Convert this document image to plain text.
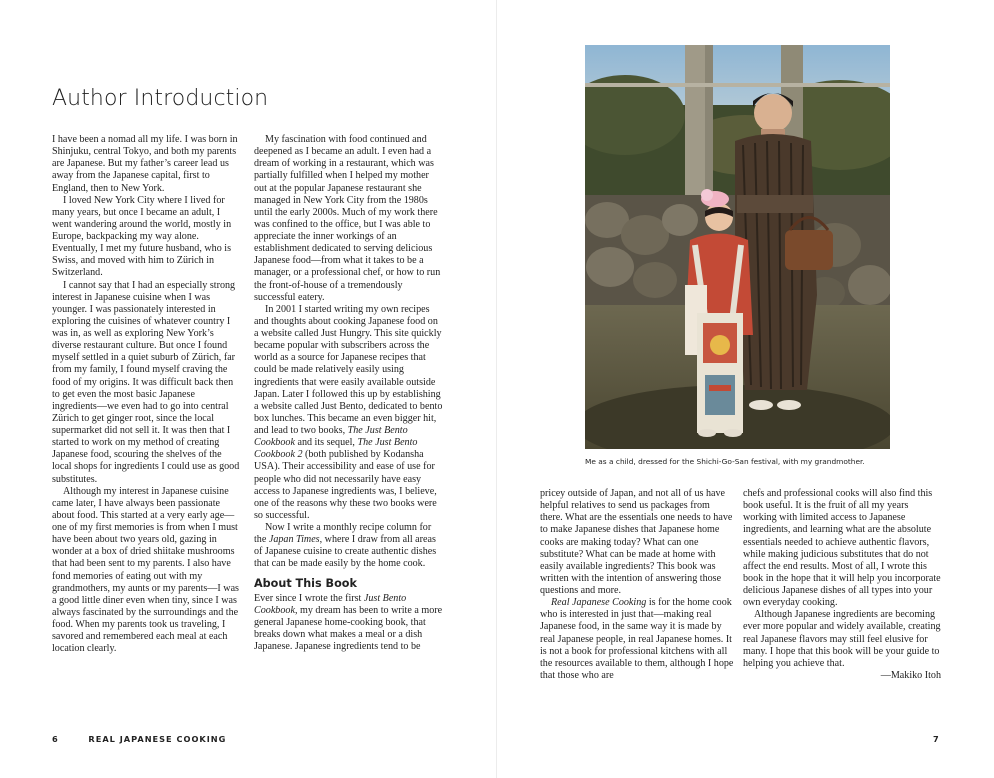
Author Introduction

I have been a nomad all my life. I was born in Shinjuku, central Tokyo, and both my parents are Japanese. But my father’s career lead us away from the Japanese capital, first to England, then to New York.

I loved New York City where I lived for many years, but once I became an adult, I went wandering around the world, mostly in Europe, backpacking my way alone. Eventually, I met my future husband, who is Swiss, and moved with him to Zürich in Switzerland.

I cannot say that I had an especially strong interest in Japanese cuisine when I was younger. I was passionately interested in exploring the cuisines of whatever country I was in, as well as exploring New York’s diverse restaurant culture. But once I found myself settled in a quiet suburb of Zürich, far from my family, I found myself craving the food of my origins. It was difficult back then to get even the most basic Japanese ingredients—we even had to go into central Zürich to get ginger root, since the local supermarket did not sell it. It was then that I started to work on my method of creating Japanese food, scouring the shelves of the local shops for ingredients I could use as good substitutes.

Although my interest in Japanese cuisine came later, I have always been passionate about food. This started at a very early age—one of my first memories is from when I must have been about two years old, gazing in wonder at a box of dried shiitake mushrooms that had been sent to my parents. I also have fond memories of eating out with my grandmothers, my aunts or my parents—I was a good little diner even when tiny, since I was always fascinated by the surroundings and the food. When my parents took us traveling, I savored and remembered each meal at each location clearly.

My fascination with food continued and deepened as I became an adult. I even had a dream of working in a restaurant, which was partially fulfilled when I helped my mother out at the popular Japanese restaurant she managed in New York City from the 1980s until the early 2000s. Much of my work there was confined to the office, but I was able to appreciate the inner workings of an establishment dedicated to serving delicious Japanese food—from what it takes to be a manager, or a professional chef, or how to run the front-of-house of a tremendously successful eatery.

In 2001 I started writing my own recipes and thoughts about cooking Japanese food on a website called Just Hungry. This site quickly became popular with subscribers across the world as a source for Japanese recipes that could be made relatively easily using ingredients that were easily available outside Japan. Later I followed this up by establishing a website called Just Bento, dedicated to bento box lunches. This became an even bigger hit, and lead to two books, The Just Bento Cookbook and its sequel, The Just Bento Cookbook 2 (both published by Kodansha USA). Their accessibility and ease of use for people who did not necessarily have easy access to Japanese ingredients was, I believe, one of the reasons why these two books were so successful.

Now I write a monthly recipe column for the Japan Times, where I draw from all areas of Japanese cuisine to create authentic dishes that can be made easily by the home cook.

About This Book

Ever since I wrote the first Just Bento Cookbook, my dream has been to write a more general Japanese home-cooking book, that breaks down what makes a meal or a dish Japanese. Japanese ingredients tend to be

6	REAL JAPANESE COOKING
Me as a child, dressed for the Shichi-Go-San festival, with my grandmother.

pricey outside of Japan, and not all of us have helpful relatives to send us packages from there. What are the essentials one needs to have to make Japanese dishes that Japanese home cooks are making today? What can one substitute? What can be made at home with easily available ingredients? This book was written with the intention of answering those questions and more.

Real Japanese Cooking is for the home cook who is interested in just that—making real Japanese food, in the same way it is made by real Japanese people, in real Japanese homes. It is not a book for professional kitchens with all the resources available to them, although I hope that those who are

chefs and professional cooks will also find this book useful. It is the fruit of all my years working with limited access to Japanese ingredients, and learning what are the absolute essentials needed to achieve authentic flavors, while making judicious substitutes that do not affect the end results. Most of all, I wrote this book in the hope that it will help you incorporate delicious Japanese dishes of all types into your own everyday cooking.

Although Japanese ingredients are becoming ever more popular and widely available, creating real Japanese flavors may still feel elusive for many. I hope that this book will be your guide to helping you achieve that.

—Makiko Itoh

7
